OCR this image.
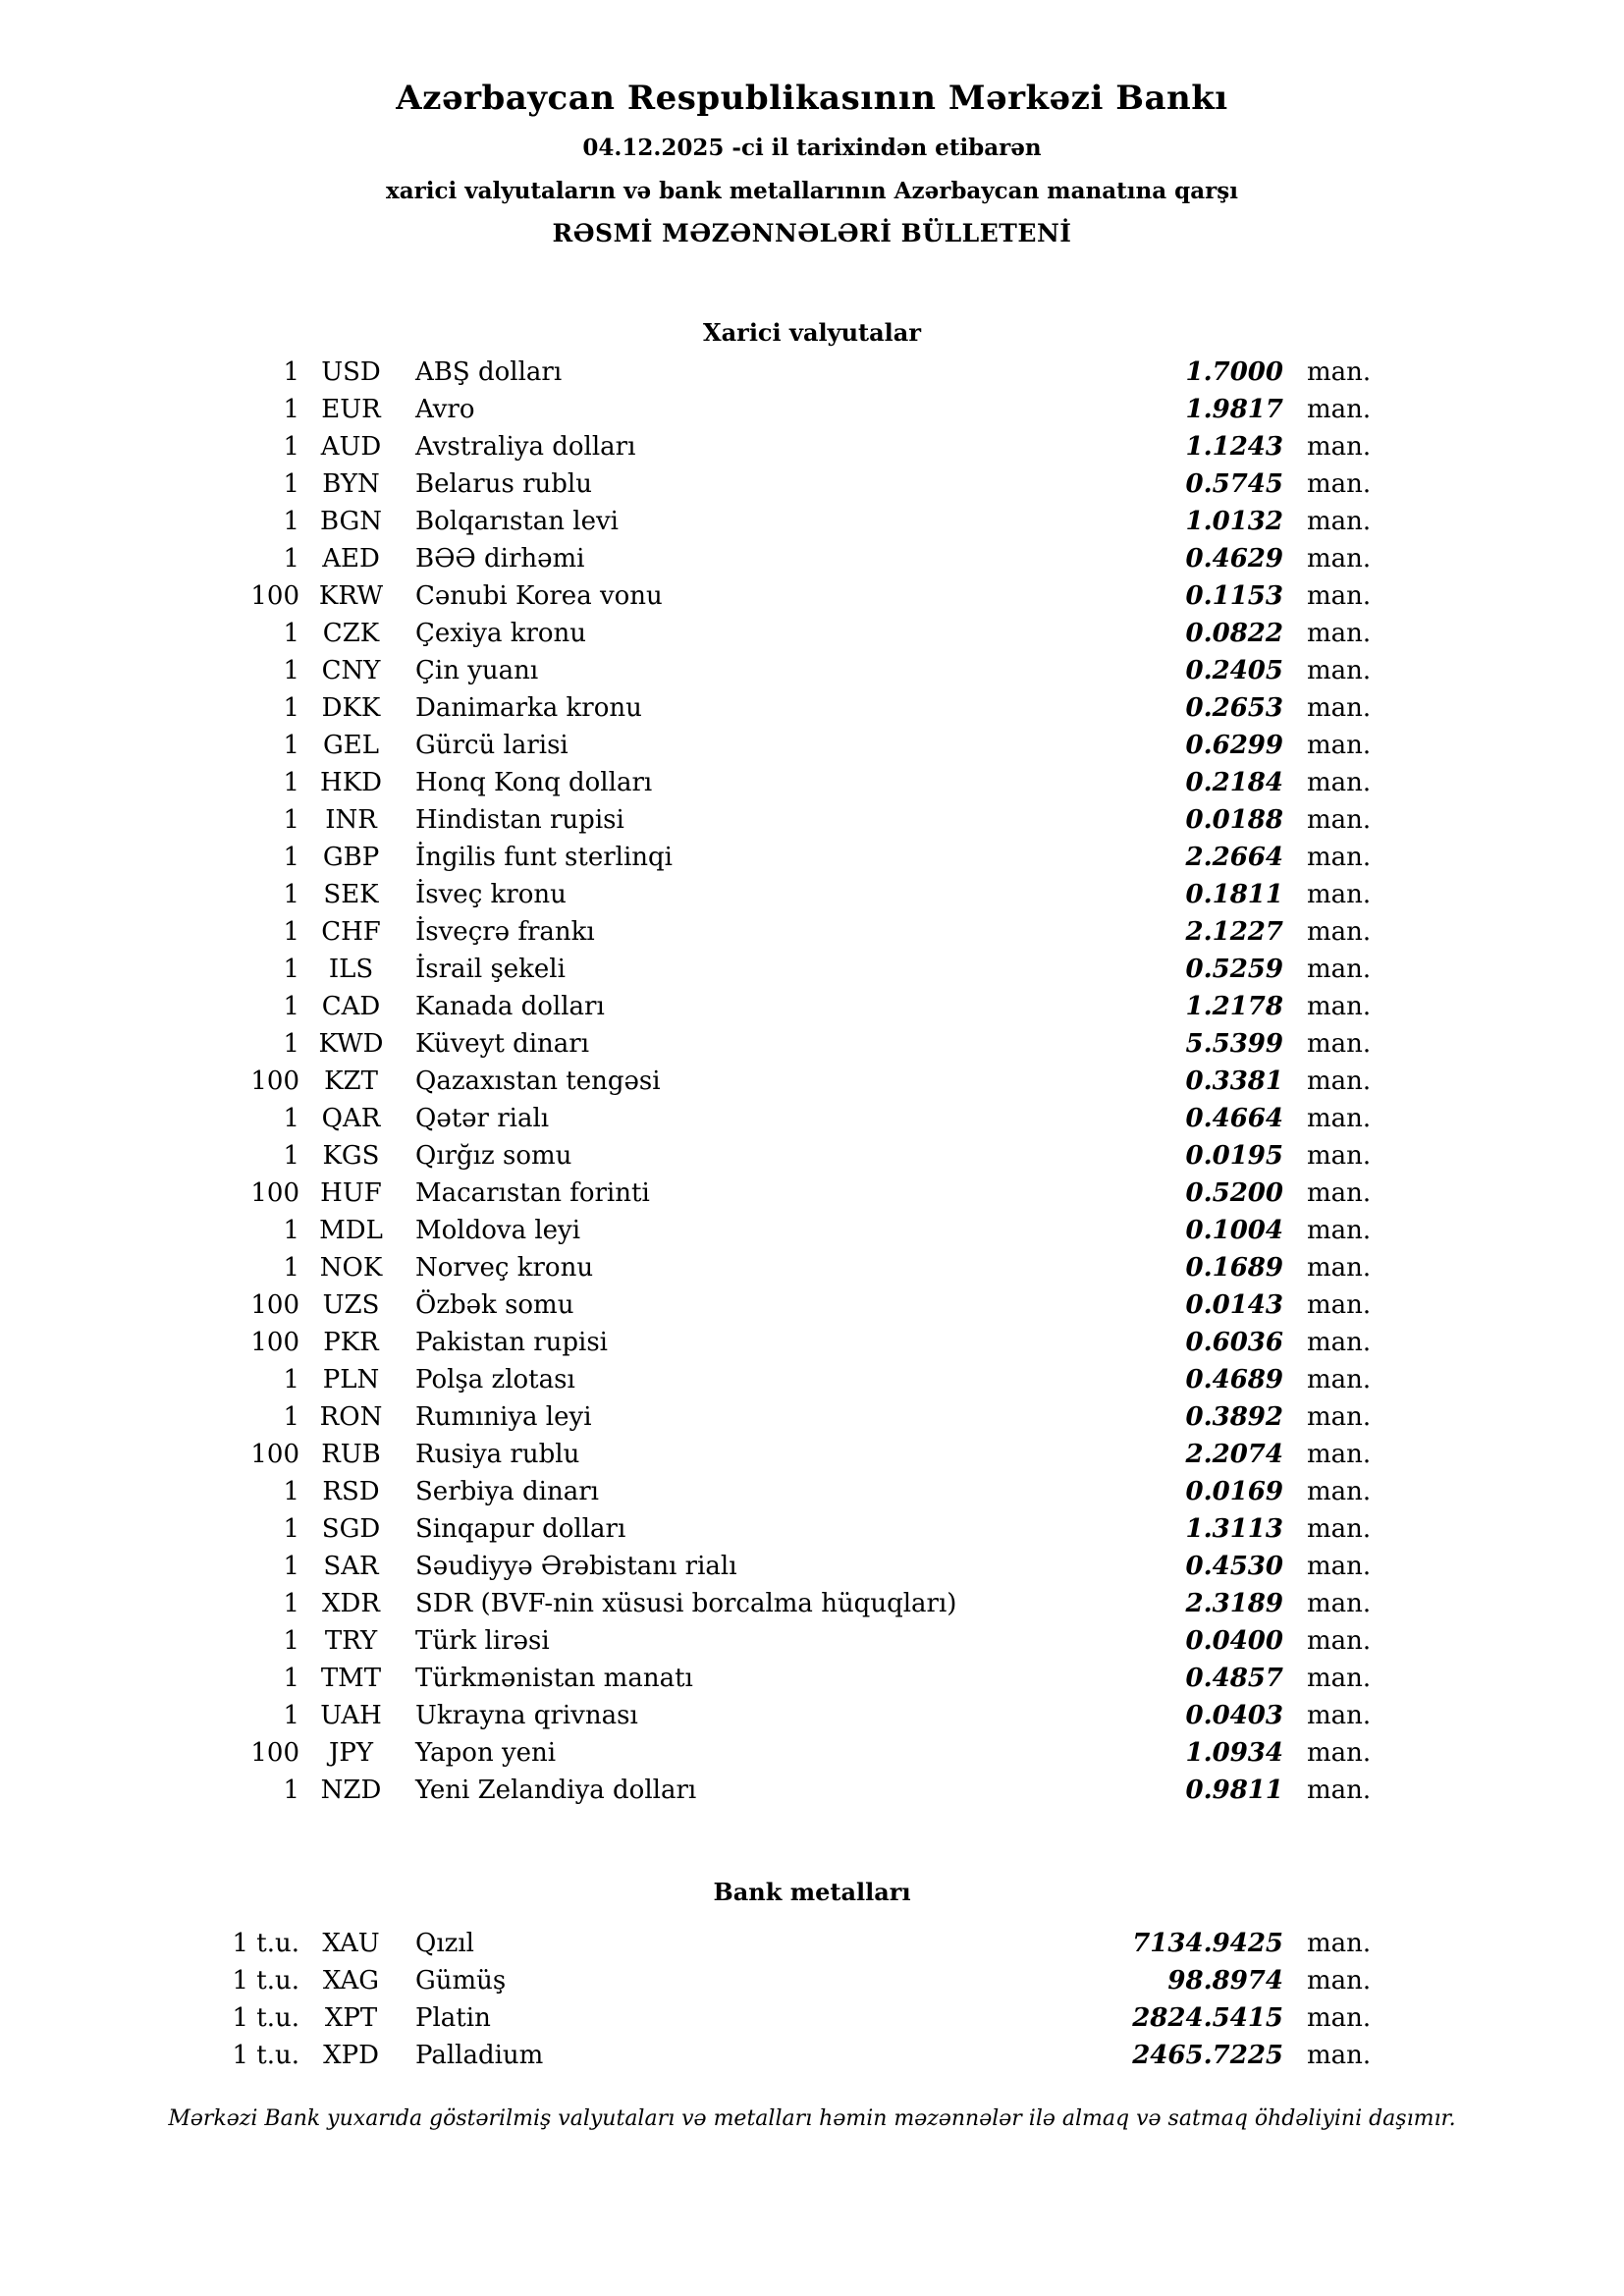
Azərbaycan Respublikasının Mərkəzi Bankı

04.12.2025 -ci il tarixindən etibarən

xarici valyutaların və bank metallarının Azərbaycan manatına qarşı

RƏSMİ MƏZƏNNƏLƏRİ BÜLLETENİ

Xarici valyutalar
1 USD	ABŞ dolları	1.7000 man.
1 EUR	Avro	1.9817 man.
1 AUD	Avstraliya dolları	1.1243 man.
1 BYN	Belarus rublu	0.5745 man.
1 BGN	Bolqarıstan levi	1.0132 man.
1 AED	BƏƏ dirhəmi	0.4629 man.
100 KRW	Cənubi Korea vonu	0.1153 man.
1 CZK	Çexiya kronu	0.0822 man.
1 CNY	Çin yuanı	0.2405 man.
1 DKK	Danimarka kronu	0.2653 man.
1 GEL	Gürcü larisi	0.6299 man.
1 HKD	Honq Konq dolları	0.2184 man.
1	INR	Hindistan rupisi	0.0188 man.
1 GBP	İngilis funt sterlinqi	2.2664 man.
1 SEK	İsveç kronu	0.1811 man.
1 CHF	İsveçrə frankı	2.1227 man.
1	ILS	İsrail şekeli	0.5259 man.
1 CAD	Kanada dolları	1.2178 man.
1 KWD	Küveyt dinarı	5.5399 man.
100 KZT	Qazaxıstan tengəsi	0.3381 man.
1 QAR	Qətər rialı	0.4664 man.
1 KGS	Qırğız somu	0.0195 man.
100 HUF	Macarıstan forinti	0.5200 man.
1 MDL	Moldova leyi	0.1004 man.
1 NOK	Norveç kronu	0.1689 man.
100 UZS	Özbək somu	0.0143 man.
100 PKR	Pakistan rupisi	0.6036 man.
1 PLN	Polşa zlotası	0.4689 man.
1 RON	Rumıniya leyi	0.3892 man.
100 RUB	Rusiya rublu	2.2074 man.
1 RSD	Serbiya dinarı	0.0169 man.
1 SGD	Sinqapur dolları	1.3113 man.
1 SAR	Səudiyyə Ərəbistanı rialı	0.4530 man.
1 XDR	SDR (BVF-nin xüsusi borcalma hüquqları)	2.3189 man.
1 TRY	Türk lirəsi	0.0400 man.
1 TMT	Türkmənistan manatı	0.4857 man.
1 UAH	Ukrayna qrivnası	0.0403 man.
100	JPY	Yapon yeni	1.0934 man.
1 NZD	Yeni Zelandiya dolları	0.9811 man.
Bank metalları
1 t.u. XAU	Qızıl	7134.9425 man.
1 t.u. XAG	Gümüş	98.8974 man.
1 t.u. XPT	Platin	2824.5415 man.
1 t.u. XPD	Palladium	2465.7225 man.

Mərkəzi Bank yuxarıda göstərilmiş valyutaları və metalları həmin məzənnələr ilə almaq və satmaq öhdəliyini daşımır.
